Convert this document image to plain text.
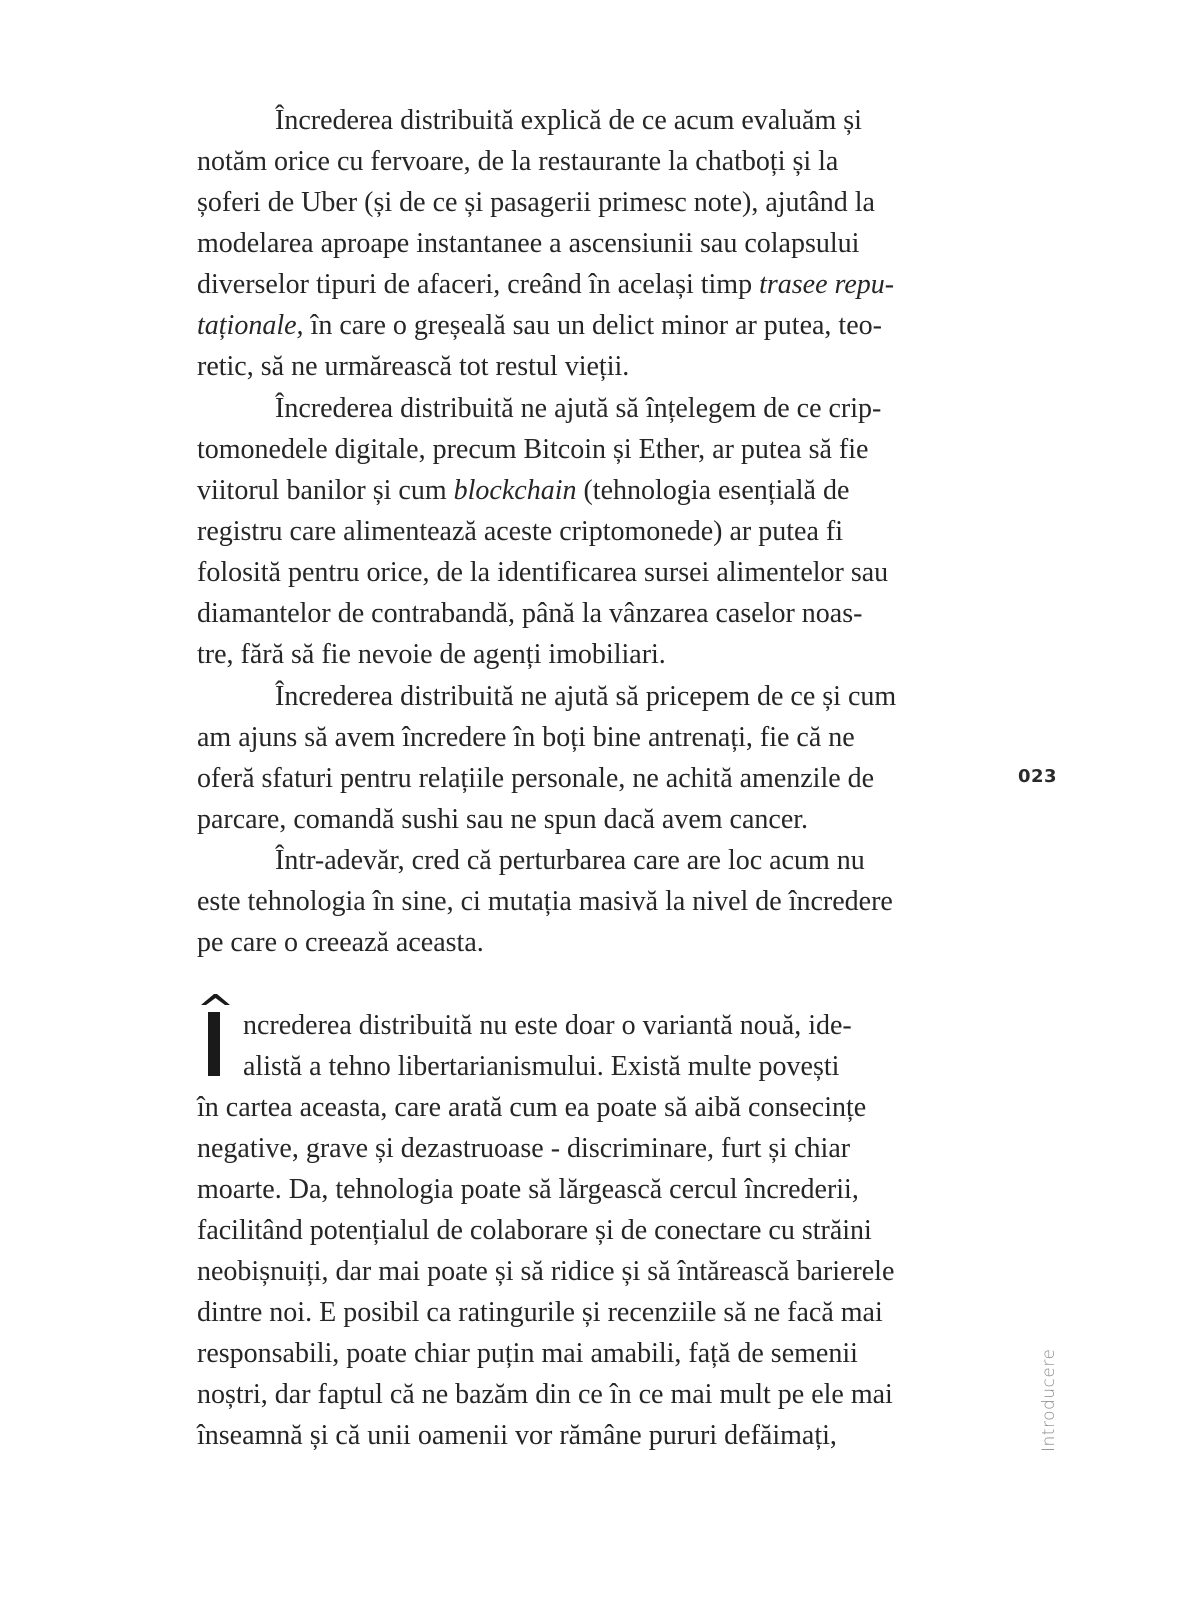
Încrederea distribuită explică de ce acum evaluăm și
notăm orice cu fervoare, de la restaurante la chatboți și la
șoferi de Uber (și de ce și pasagerii primesc note), ajutând la
modelarea aproape instantanee a ascensiunii sau colapsului
diverselor tipuri de afaceri, creând în același timp trasee repu-
taționale, în care o greșeală sau un delict minor ar putea, teo-
retic, să ne urmărească tot restul vieții.
Încrederea distribuită ne ajută să înțelegem de ce crip-
tomonedele digitale, precum Bitcoin și Ether, ar putea să fie
viitorul banilor și cum blockchain (tehnologia esențială de
registru care alimentează aceste criptomonede) ar putea fi
folosită pentru orice, de la identificarea sursei alimentelor sau
diamantelor de contrabandă, până la vânzarea caselor noas-
tre, fără să fie nevoie de agenți imobiliari.
Încrederea distribuită ne ajută să pricepem de ce și cum
am ajuns să avem încredere în boți bine antrenați, fie că ne
oferă sfaturi pentru relațiile personale, ne achită amenzile de
parcare, comandă sushi sau ne spun dacă avem cancer.
Într-adevăr, cred că perturbarea care are loc acum nu
este tehnologia în sine, ci mutația masivă la nivel de încredere
pe care o creează aceasta.
ncrederea distribuită nu este doar o variantă nouă, ide-
alistă a tehno libertarianismului. Există multe povești
în cartea aceasta, care arată cum ea poate să aibă consecințe
negative, grave și dezastruoase - discriminare, furt și chiar
moarte. Da, tehnologia poate să lărgească cercul încrederii,
facilitând potențialul de colaborare și de conectare cu străini
neobișnuiți, dar mai poate și să ridice și să întărească barierele
dintre noi. E posibil ca ratingurile și recenziile să ne facă mai
responsabili, poate chiar puțin mai amabili, față de semenii
noștri, dar faptul că ne bazăm din ce în ce mai mult pe ele mai
înseamnă și că unii oamenii vor rămâne pururi defăimați,
023
Introducere
